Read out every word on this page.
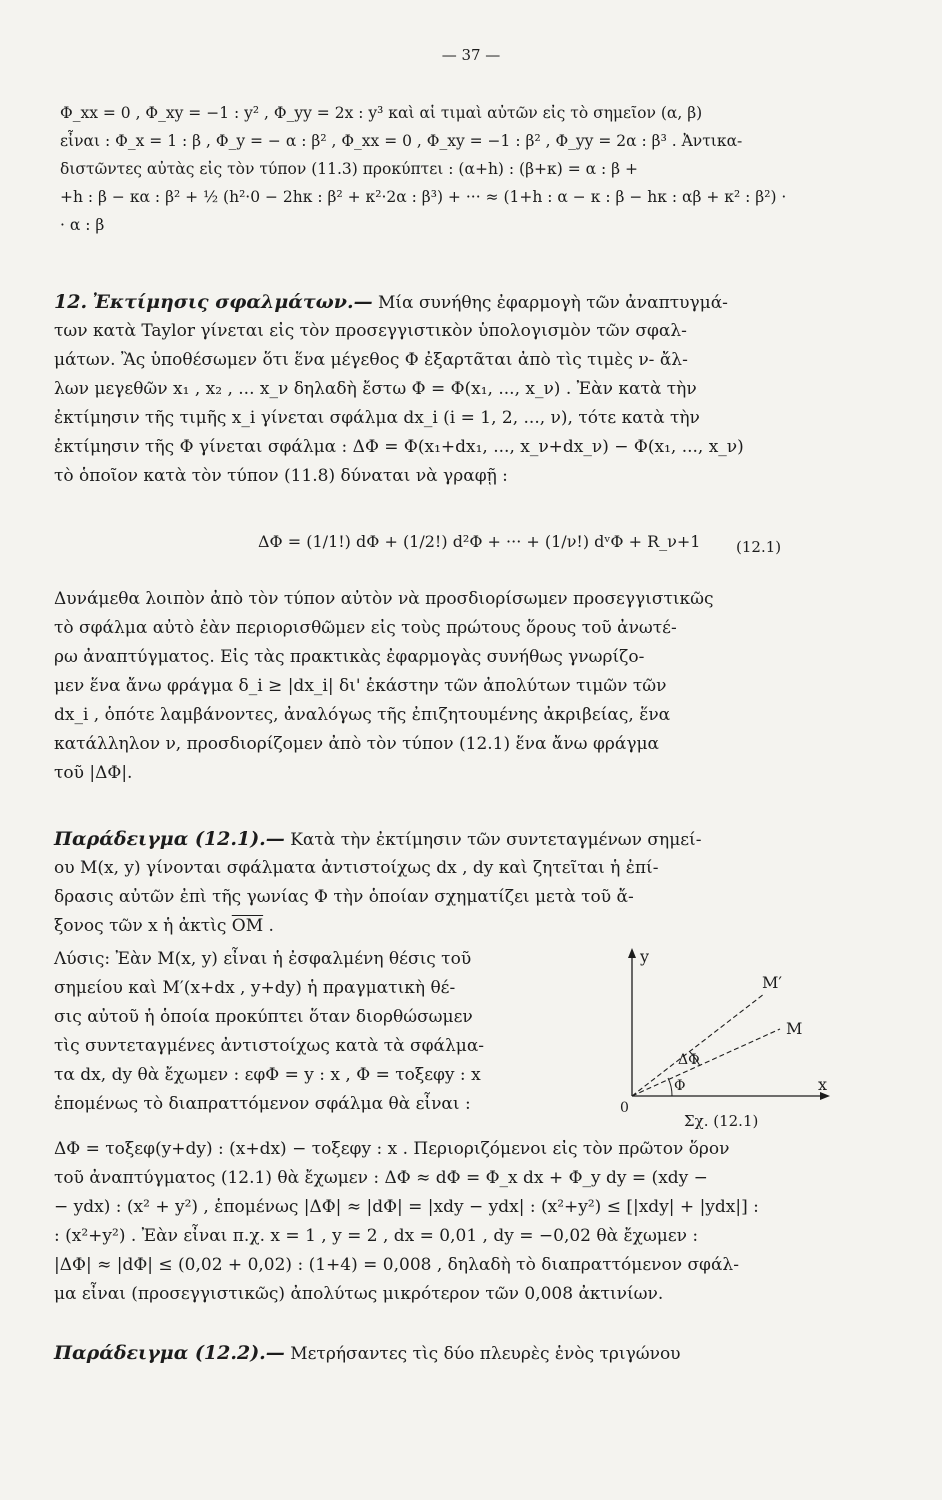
— 37 —
Φ_xx = 0 , Φ_xy = −1 : y² , Φ_yy = 2x : y³ καὶ αἱ τιμαὶ αὐτῶν εἰς τὸ σημεῖον (α, β)
εἶναι : Φ_x = 1 : β , Φ_y = − α : β² , Φ_xx = 0 , Φ_xy = −1 : β² , Φ_yy = 2α : β³ . Ἀντικα-
διστῶντες αὐτὰς εἰς τὸν τύπον (11.3) προκύπτει : (α+h) : (β+κ) = α : β +
+h : β − κα : β² + ½ (h²·0 − 2hκ : β² + κ²·2α : β³) + ··· ≈ (1+h : α − κ : β − hκ : αβ + κ² : β²) ·
· α : β
12. Ἐκτίμησις σφαλμάτων.— Μία συνήθης ἐφαρμογὴ τῶν ἀναπτυγμά-
των κατὰ Taylor γίνεται εἰς τὸν προσεγγιστικὸν ὑπολογισμὸν τῶν σφαλ-
μάτων. Ἂς ὑποθέσωμεν ὅτι ἕνα μέγεθος Φ ἐξαρτᾶται ἀπὸ τὶς τιμὲς ν- ἄλ-
λων μεγεθῶν x₁ , x₂ , ... x_ν δηλαδὴ ἔστω Φ = Φ(x₁, ..., x_ν) . Ἐὰν κατὰ τὴν
ἐκτίμησιν τῆς τιμῆς x_i γίνεται σφάλμα dx_i (i = 1, 2, ..., ν), τότε κατὰ τὴν
ἐκτίμησιν τῆς Φ γίνεται σφάλμα : ΔΦ = Φ(x₁+dx₁, ..., x_ν+dx_ν) − Φ(x₁, ..., x_ν)
τὸ ὁποῖον κατὰ τὸν τύπον (11.8) δύναται νὰ γραφῇ :
ΔΦ = (1/1!) dΦ + (1/2!) d²Φ + ··· + (1/ν!) dᵛΦ + R_ν+1 (12.1)
Δυνάμεθα λοιπὸν ἀπὸ τὸν τύπον αὐτὸν νὰ προσδιορίσωμεν προσεγγιστικῶς
τὸ σφάλμα αὐτὸ ἐὰν περιορισθῶμεν εἰς τοὺς πρώτους ὅρους τοῦ ἀνωτέ-
ρω ἀναπτύγματος. Εἰς τὰς πρακτικὰς ἐφαρμογὰς συνήθως γνωρίζο-
μεν ἕνα ἄνω φράγμα δ_i ≥ |dx_i| δι' ἑκάστην τῶν ἀπολύτων τιμῶν τῶν
dx_i , ὁπότε λαμβάνοντες, ἀναλόγως τῆς ἐπιζητουμένης ἀκριβείας, ἕνα
κατάλληλον ν, προσδιορίζομεν ἀπὸ τὸν τύπον (12.1) ἕνα ἄνω φράγμα
τοῦ |ΔΦ|.
Παράδειγμα (12.1).— Κατὰ τὴν ἐκτίμησιν τῶν συντεταγμένων σημεί-
ου M(x, y) γίνονται σφάλματα ἀντιστοίχως dx , dy καὶ ζητεῖται ἡ ἐπί-
δρασις αὐτῶν ἐπὶ τῆς γωνίας Φ τὴν ὁποίαν σχηματίζει μετὰ τοῦ ἄ-
ξονος τῶν x ἡ ἀκτὶς $\overline{OM}$ .
Λύσις: Ἐὰν M(x, y) εἶναι ἡ ἐσφαλμένη θέσις τοῦ
σημείου καὶ M′(x+dx , y+dy) ἡ πραγματικὴ θέ-
σις αὐτοῦ ἡ ὁποία προκύπτει ὅταν διορθώσωμεν
τὶς συντεταγμένες ἀντιστοίχως κατὰ τὰ σφάλμα-
τα dx, dy θὰ ἔχωμεν : εφΦ = y : x , Φ = τοξεφy : x
ἑπομένως τὸ διαπραττόμενον σφάλμα θὰ εἶναι :
y
x
0
M
M′
ΔΦ
Φ
Σχ. (12.1)
ΔΦ = τοξεφ(y+dy) : (x+dx) − τοξεφy : x . Περιοριζόμενοι εἰς τὸν πρῶτον ὅρον
τοῦ ἀναπτύγματος (12.1) θὰ ἔχωμεν : ΔΦ ≈ dΦ = Φ_x dx + Φ_y dy = (xdy −
− ydx) : (x² + y²) , ἑπομένως |ΔΦ| ≈ |dΦ| = |xdy − ydx| : (x²+y²) ≤ [|xdy| + |ydx|] :
: (x²+y²) . Ἐὰν εἶναι π.χ. x = 1 , y = 2 , dx = 0,01 , dy = −0,02 θὰ ἔχωμεν :
|ΔΦ| ≈ |dΦ| ≤ (0,02 + 0,02) : (1+4) = 0,008 , δηλαδὴ τὸ διαπραττόμενον σφάλ-
μα εἶναι (προσεγγιστικῶς) ἀπολύτως μικρότερον τῶν 0,008 ἀκτινίων.
Παράδειγμα (12.2).— Μετρήσαντες τὶς δύο πλευρὲς ἑνὸς τριγώνου
